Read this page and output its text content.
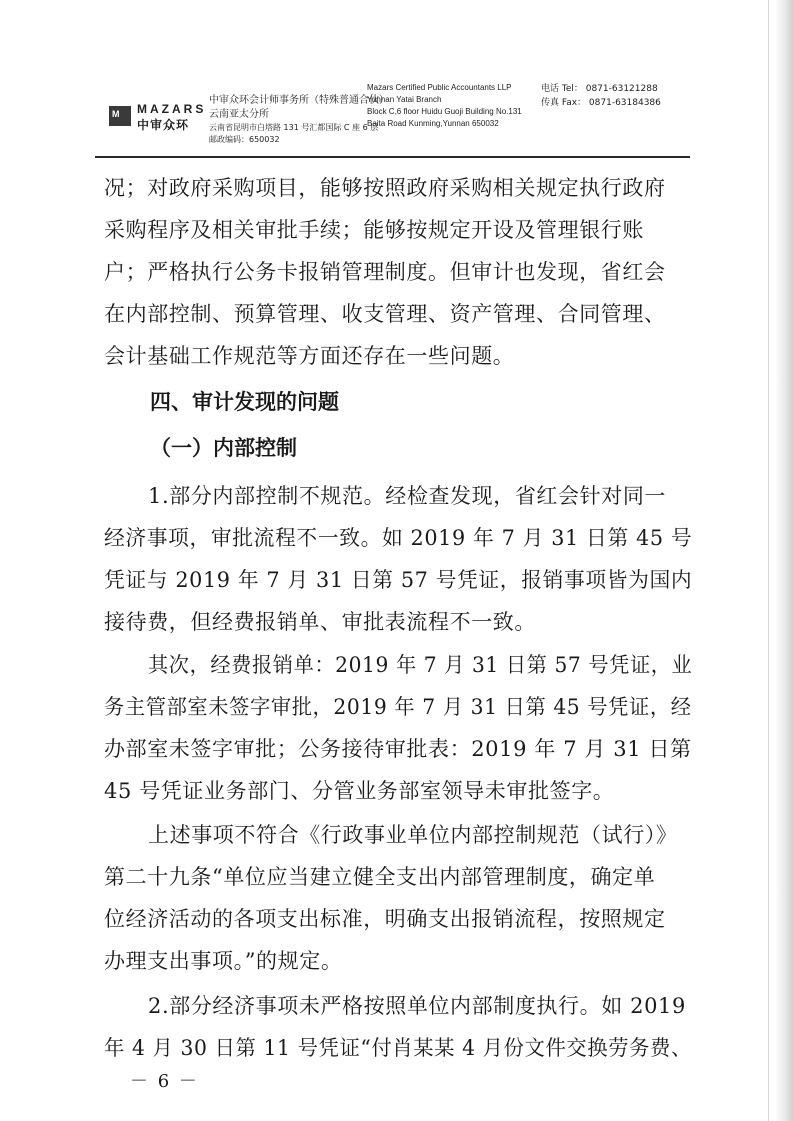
M MAZARS
中审众环
中审众环会计师事务所（特殊普通合伙）
云南亚太分所
云南省昆明市白塔路 131 号汇都国际 C 座 6 层
邮政编码：650032
Mazars Certified Public Accountants LLP
Yunnan Yatai Branch
Block C,6 floor Huidu Guoji Building No.131
Baita Road Kunming,Yunnan 650032
电话 Tel： 0871-63121288
传真 Fax： 0871-63184386
况；对政府采购项目，能够按照政府采购相关规定执行政府
采购程序及相关审批手续；能够按规定开设及管理银行账
户；严格执行公务卡报销管理制度。但审计也发现，省红会
在内部控制、预算管理、收支管理、资产管理、合同管理、
会计基础工作规范等方面还存在一些问题。
四、审计发现的问题
（一）内部控制
1.部分内部控制不规范。经检查发现，省红会针对同一
经济事项，审批流程不一致。如 2019 年 7 月 31 日第 45 号
凭证与 2019 年 7 月 31 日第 57 号凭证，报销事项皆为国内
接待费，但经费报销单、审批表流程不一致。
其次，经费报销单：2019 年 7 月 31 日第 57 号凭证，业
务主管部室未签字审批，2019 年 7 月 31 日第 45 号凭证，经
办部室未签字审批；公务接待审批表：2019 年 7 月 31 日第
45 号凭证业务部门、分管业务部室领导未审批签字。
上述事项不符合《行政事业单位内部控制规范（试行）》
第二十九条“单位应当建立健全支出内部管理制度，确定单
位经济活动的各项支出标准，明确支出报销流程，按照规定
办理支出事项。”的规定。
2.部分经济事项未严格按照单位内部制度执行。如 2019
年 4 月 30 日第 11 号凭证“付肖某某 4 月份文件交换劳务费、
－ 6 －
